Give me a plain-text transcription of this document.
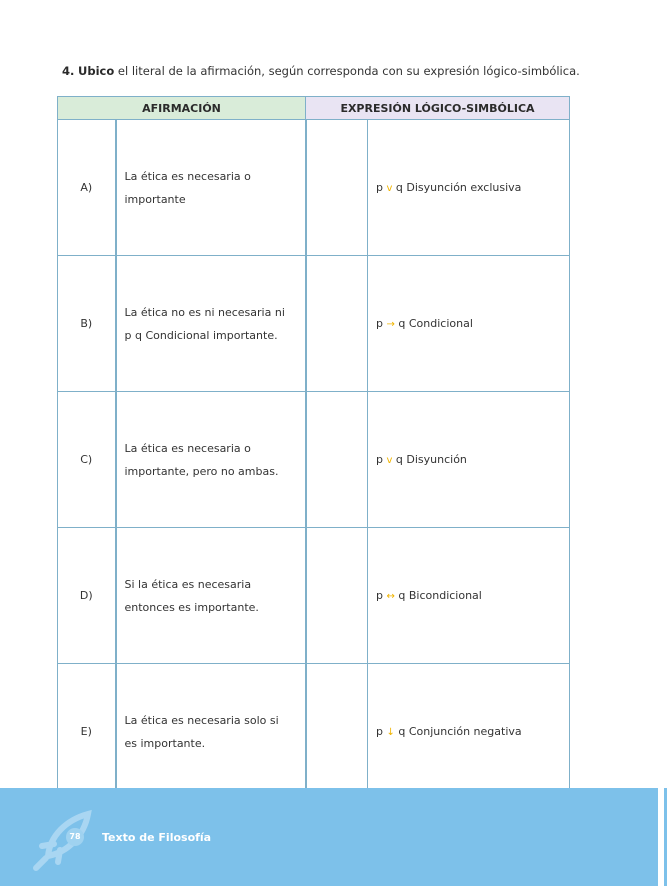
4. Ubico el literal de la afirmación, según corresponda con su expresión lógico-simbólica.
AFIRMACIÓN		EXPRESIÓN LÓGICO-SIMBÓLICA	
A)	La ética es necesaria o importante		p v q Disyunción exclusiva
B)	La ética no es ni necesaria ni p q Condicional importante.		p → q Condicional
C)	La ética es necesaria o importante, pero no ambas.		p v q Disyunción
D)	Si la ética es necesaria entonces es importante.		p ↔ q Bicondicional
E)	La ética es necesaria solo si es importante.		p ↓ q Conjunción negativa
78	Texto de Filosofía
